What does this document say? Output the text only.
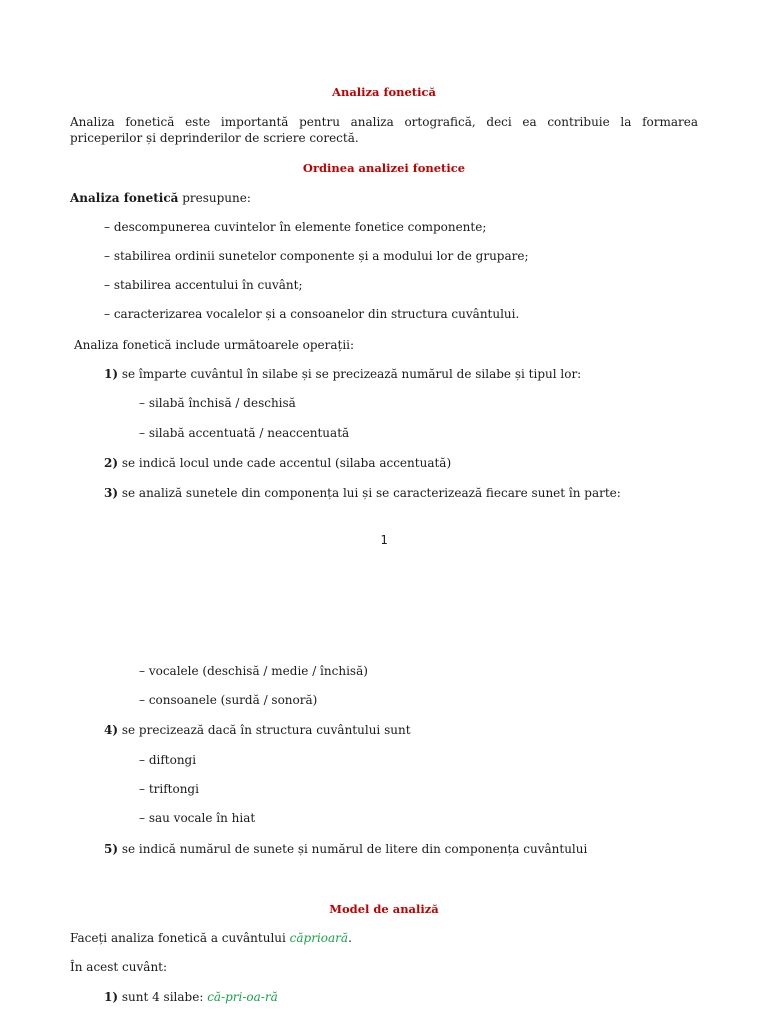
Analiza fonetică
Analiza fonetică este importantă pentru analiza ortografică, deci ea contribuie la formarea priceperilor și deprinderilor de scriere corectă.
Ordinea analizei fonetice
Analiza fonetică presupune:
– descompunerea cuvintelor în elemente fonetice componente;
– stabilirea ordinii sunetelor componente și a modului lor de grupare;
– stabilirea accentului în cuvânt;
– caracterizarea vocalelor și a consoanelor din structura cuvântului.
Analiza fonetică include următoarele operații:
1) se împarte cuvântul în silabe și se precizează numărul de silabe și tipul lor:
– silabă închisă / deschisă
– silabă accentuată / neaccentuată
2) se indică locul unde cade accentul (silaba accentuată)
3) se analiză sunetele din componența lui și se caracterizează fiecare sunet în parte:
1
– vocalele (deschisă / medie / închisă)
– consoanele (surdă / sonoră)
4) se precizează dacă în structura cuvântului sunt
– diftongi
– triftongi
– sau vocale în hiat
5) se indică numărul de sunete și numărul de litere din componența cuvântului
Model de analiză
Faceți analiza fonetică a cuvântului căprioară.
În acest cuvânt:
1) sunt 4 silabe: că-pri-oa-ră
